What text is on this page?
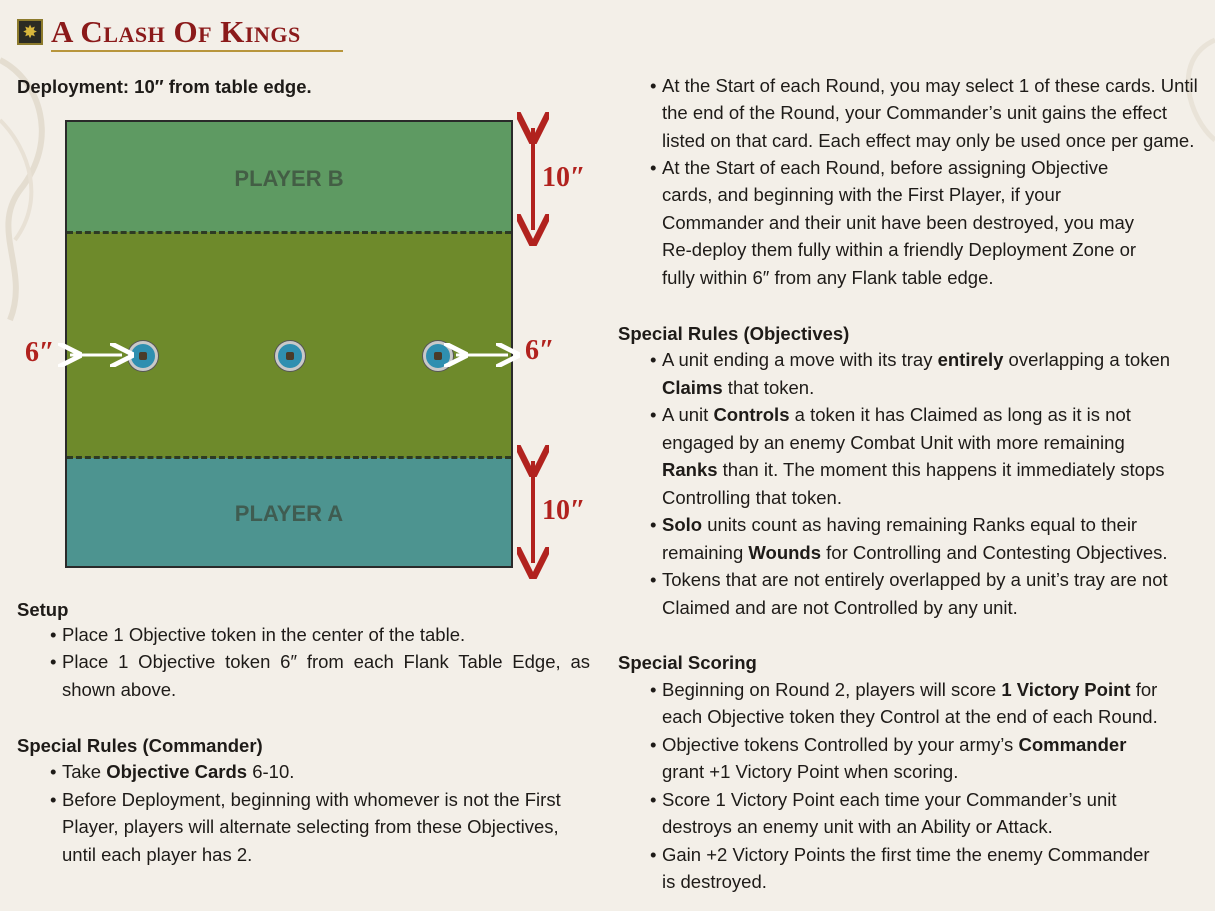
✸ A Clash Of Kings
Deployment: 10″ from table edge.
PLAYER B
PLAYER A
10″
10″
6″	6″
Setup
• Place 1 Objective token in the center of the table.
• Place 1 Objective token 6″ from each Flank Table Edge, as
shown above.
Special Rules (Commander)
• Take Objective Cards 6-10.
• Before Deployment, beginning with whomever is not the First
Player, players will alternate selecting from these Objectives,
until each player has 2.
• At the Start of each Round, you may select 1 of these cards. Until
the end of the Round, your Commander’s unit gains the effect
listed on that card. Each effect may only be used once per game.
• At the Start of each Round, before assigning Objective
cards, and beginning with the First Player, if your
Commander and their unit have been destroyed, you may
Re-deploy them fully within a friendly Deployment Zone or
fully within 6″ from any Flank table edge.
Special Rules (Objectives)
• A unit ending a move with its tray entirely overlapping a token
Claims that token.
• A unit Controls a token it has Claimed as long as it is not
engaged by an enemy Combat Unit with more remaining
Ranks than it. The moment this happens it immediately stops
Controlling that token.
• Solo units count as having remaining Ranks equal to their
remaining Wounds for Controlling and Contesting Objectives.
• Tokens that are not entirely overlapped by a unit’s tray are not
Claimed and are not Controlled by any unit.
Special Scoring
• Beginning on Round 2, players will score 1 Victory Point for
each Objective token they Control at the end of each Round.
• Objective tokens Controlled by your army’s Commander
grant +1 Victory Point when scoring.
• Score 1 Victory Point each time your Commander’s unit
destroys an enemy unit with an Ability or Attack.
• Gain +2 Victory Points the first time the enemy Commander
is destroyed.
